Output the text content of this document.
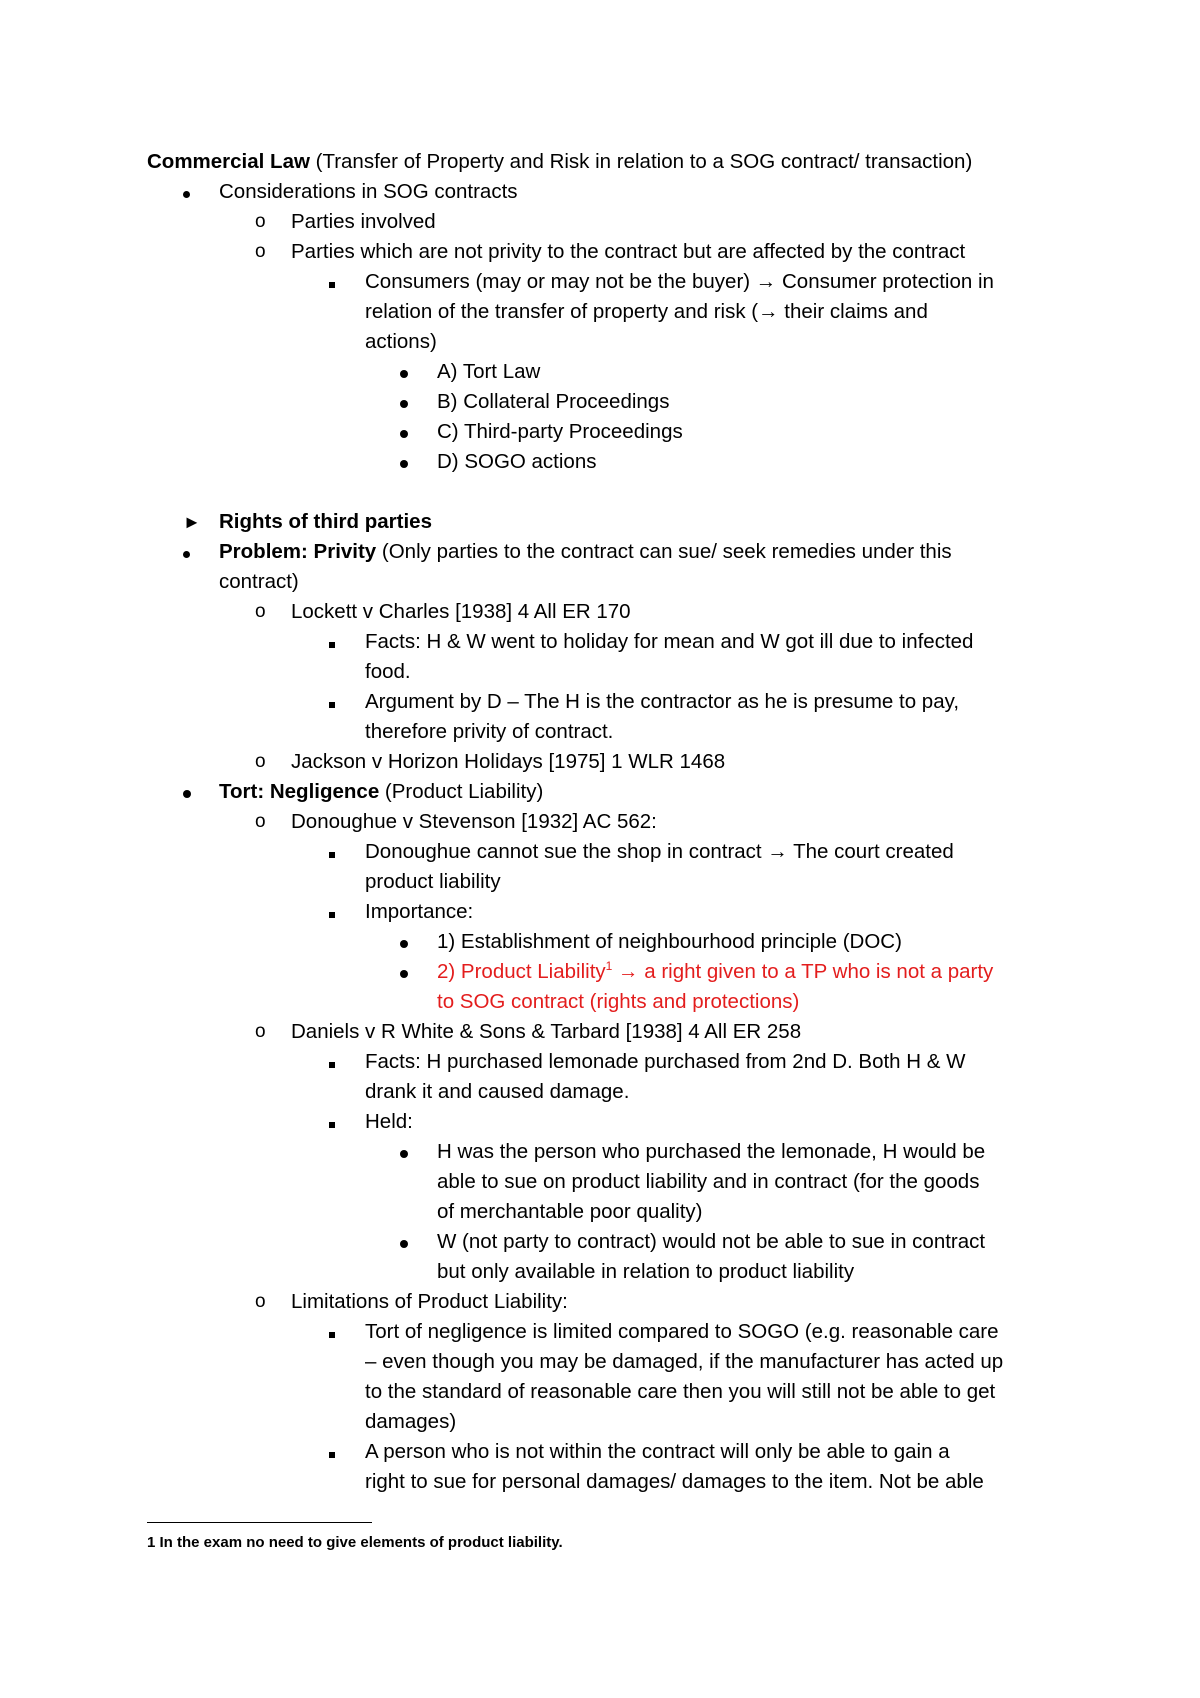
Commercial Law (Transfer of Property and Risk in relation to a SOG contract/ transaction)
Considerations in SOG contracts
o Parties involved
o Parties which are not privity to the contract but are affected by the contract
Consumers (may or may not be the buyer) → Consumer protection in
relation of the transfer of property and risk (→ their claims and
actions)
A) Tort Law
B) Collateral Proceedings
C) Third-party Proceedings
D) SOGO actions
► Rights of third parties
Problem: Privity (Only parties to the contract can sue/ seek remedies under this
contract)
o Lockett v Charles [1938] 4 All ER 170
Facts: H & W went to holiday for mean and W got ill due to infected
food.
Argument by D – The H is the contractor as he is presume to pay,
therefore privity of contract.
o Jackson v Horizon Holidays [1975] 1 WLR 1468
Tort: Negligence (Product Liability)
o Donoughue v Stevenson [1932] AC 562:
Donoughue cannot sue the shop in contract → The court created
product liability
Importance:
1) Establishment of neighbourhood principle (DOC)
2) Product Liability$^1$ → a right given to a TP who is not a party
to SOG contract (rights and protections)
o Daniels v R White & Sons & Tarbard [1938] 4 All ER 258
Facts: H purchased lemonade purchased from 2nd D. Both H & W
drank it and caused damage.
Held:
H was the person who purchased the lemonade, H would be
able to sue on product liability and in contract (for the goods
of merchantable poor quality)
W (not party to contract) would not be able to sue in contract
but only available in relation to product liability
o Limitations of Product Liability:
Tort of negligence is limited compared to SOGO (e.g. reasonable care
– even though you may be damaged, if the manufacturer has acted up
to the standard of reasonable care then you will still not be able to get
damages)
A person who is not within the contract will only be able to gain a
right to sue for personal damages/ damages to the item. Not be able
1 In the exam no need to give elements of product liability.
